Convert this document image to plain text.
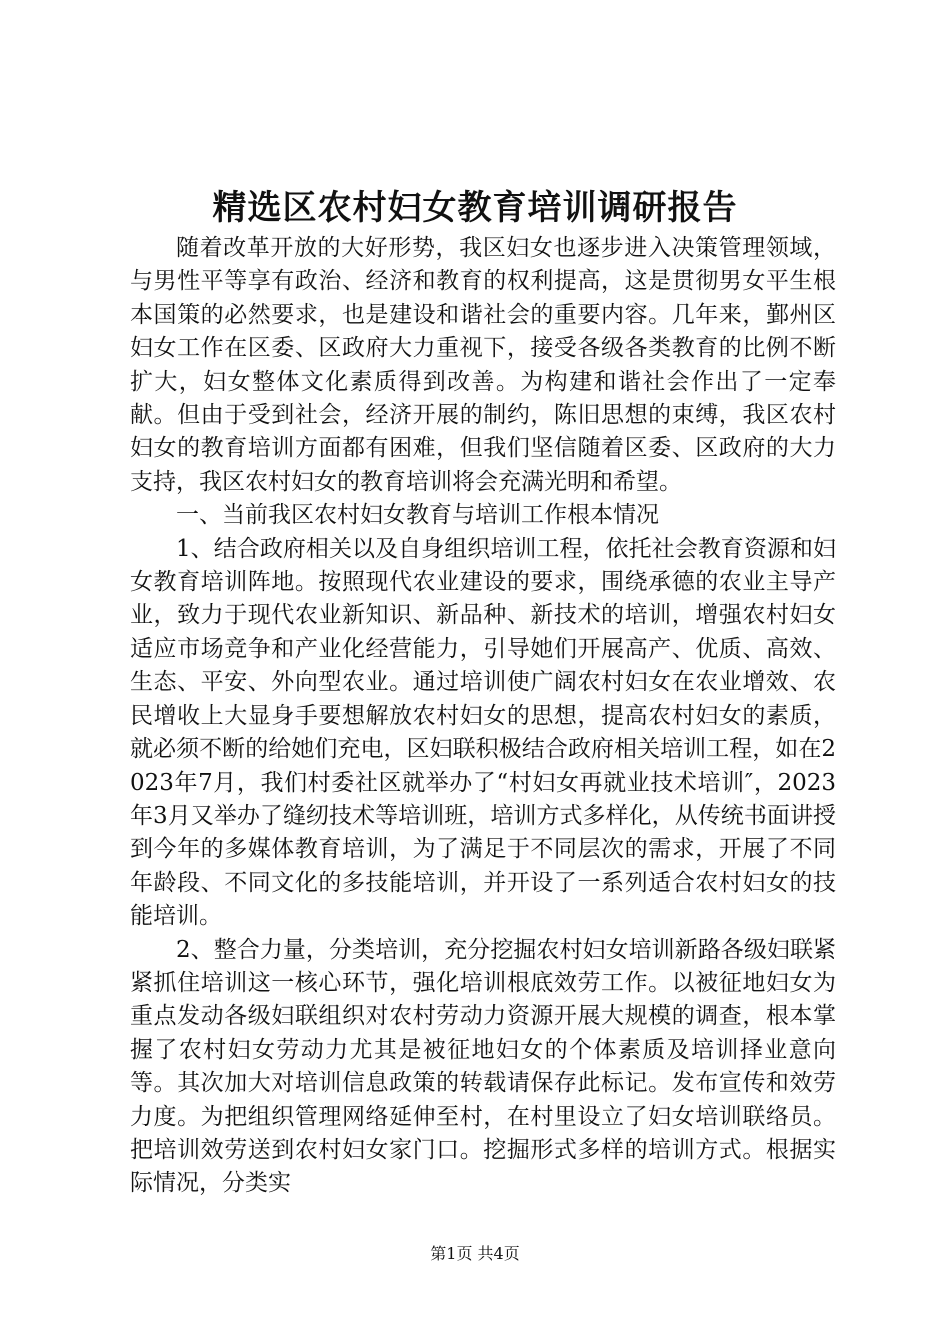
精选区农村妇女教育培训调研报告

随着改革开放的大好形势，我区妇女也逐步进入决策管理领域，与男性平等享有政治、经济和教育的权利提高，这是贯彻男女平生根本国策的必然要求，也是建设和谐社会的重要内容。几年来，鄞州区妇女工作在区委、区政府大力重视下，接受各级各类教育的比例不断扩大，妇女整体文化素质得到改善。为构建和谐社会作出了一定奉献。但由于受到社会，经济开展的制约，陈旧思想的束缚，我区农村妇女的教育培训方面都有困难，但我们坚信随着区委、区政府的大力支持，我区农村妇女的教育培训将会充满光明和希望。

一、当前我区农村妇女教育与培训工作根本情况

1、结合政府相关以及自身组织培训工程，依托社会教育资源和妇女教育培训阵地。按照现代农业建设的要求，围绕承德的农业主导产业，致力于现代农业新知识、新品种、新技术的培训，增强农村妇女适应市场竞争和产业化经营能力，引导她们开展高产、优质、高效、生态、平安、外向型农业。通过培训使广阔农村妇女在农业增效、农民增收上大显身手要想解放农村妇女的思想，提高农村妇女的素质，就必须不断的给她们充电，区妇联积极结合政府相关培训工程，如在2023年7月，我们村委社区就举办了“村妇女再就业技术培训″，2023年3月又举办了缝纫技术等培训班，培训方式多样化，从传统书面讲授到今年的多媒体教育培训，为了满足于不同层次的需求，开展了不同年龄段、不同文化的多技能培训，并开设了一系列适合农村妇女的技能培训。

2、整合力量，分类培训，充分挖掘农村妇女培训新路各级妇联紧紧抓住培训这一核心环节，强化培训根底效劳工作。以被征地妇女为重点发动各级妇联组织对农村劳动力资源开展大规模的调查，根本掌握了农村妇女劳动力尤其是被征地妇女的个体素质及培训择业意向等。其次加大对培训信息政策的转载请保存此标记。发布宣传和效劳力度。为把组织管理网络延伸至村，在村里设立了妇女培训联络员。把培训效劳送到农村妇女家门口。挖掘形式多样的培训方式。根据实际情况，分类实

第1页 共4页
